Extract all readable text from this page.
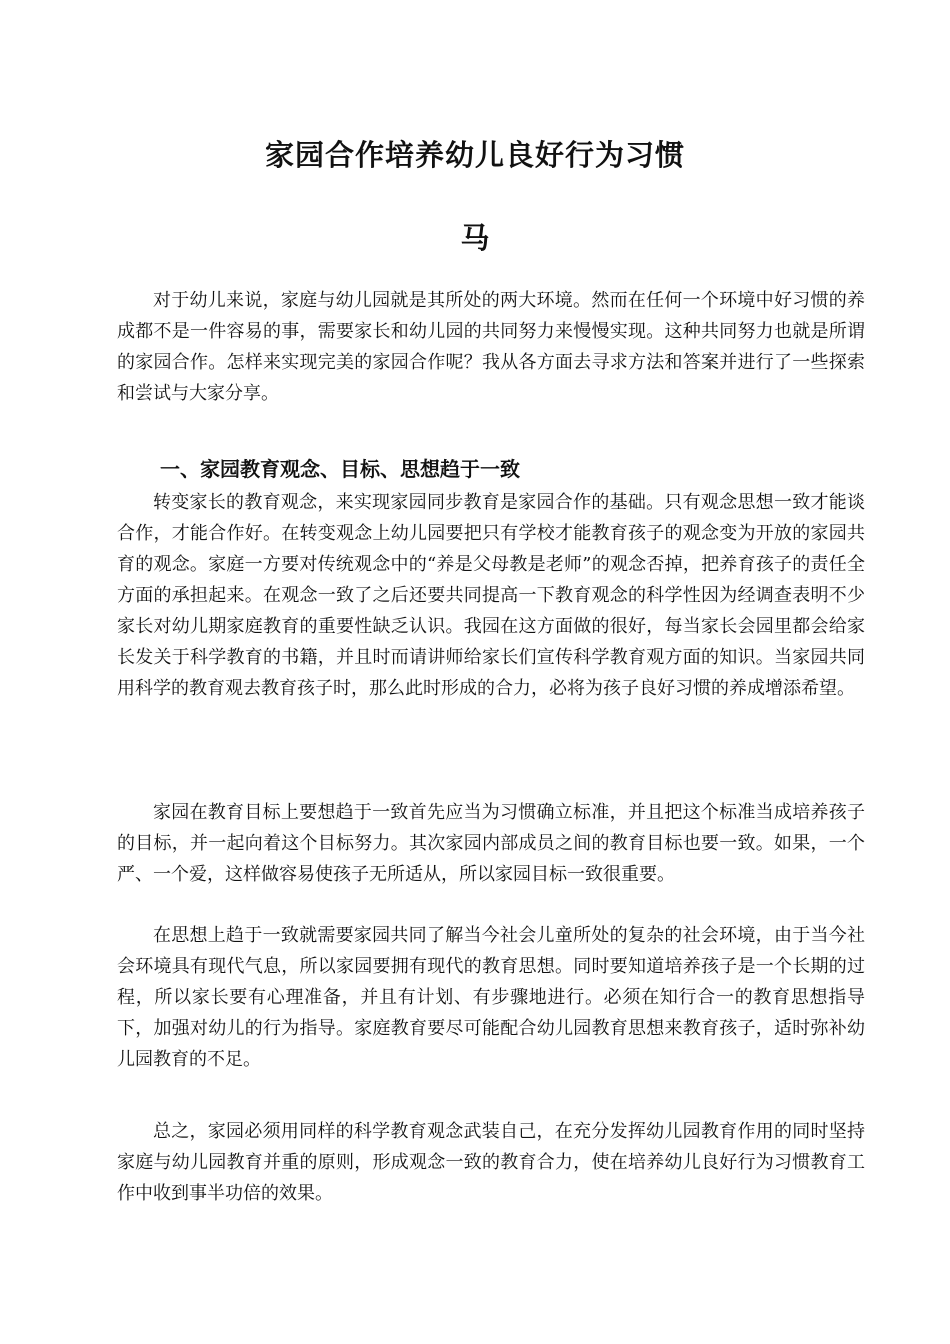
家园合作培养幼儿良好行为习惯
马

对于幼儿来说，家庭与幼儿园就是其所处的两大环境。然而在任何一个环境中好习惯的养成都不是一件容易的事，需要家长和幼儿园的共同努力来慢慢实现。这种共同努力也就是所谓的家园合作。怎样来实现完美的家园合作呢？我从各方面去寻求方法和答案并进行了一些探索和尝试与大家分享。

一、家园教育观念、目标、思想趋于一致

转变家长的教育观念，来实现家园同步教育是家园合作的基础。只有观念思想一致才能谈合作，才能合作好。在转变观念上幼儿园要把只有学校才能教育孩子的观念变为开放的家园共育的观念。家庭一方要对传统观念中的“养是父母教是老师”的观念否掉，把养育孩子的责任全方面的承担起来。在观念一致了之后还要共同提高一下教育观念的科学性因为经调查表明不少家长对幼儿期家庭教育的重要性缺乏认识。我园在这方面做的很好，每当家长会园里都会给家长发关于科学教育的书籍，并且时而请讲师给家长们宣传科学教育观方面的知识。当家园共同用科学的教育观去教育孩子时，那么此时形成的合力，必将为孩子良好习惯的养成增添希望。

家园在教育目标上要想趋于一致首先应当为习惯确立标准，并且把这个标准当成培养孩子的目标，并一起向着这个目标努力。其次家园内部成员之间的教育目标也要一致。如果，一个严、一个爱，这样做容易使孩子无所适从，所以家园目标一致很重要。

在思想上趋于一致就需要家园共同了解当今社会儿童所处的复杂的社会环境，由于当今社会环境具有现代气息，所以家园要拥有现代的教育思想。同时要知道培养孩子是一个长期的过程，所以家长要有心理准备，并且有计划、有步骤地进行。必须在知行合一的教育思想指导下，加强对幼儿的行为指导。家庭教育要尽可能配合幼儿园教育思想来教育孩子，适时弥补幼儿园教育的不足。

总之，家园必须用同样的科学教育观念武装自己，在充分发挥幼儿园教育作用的同时坚持家庭与幼儿园教育并重的原则，形成观念一致的教育合力，使在培养幼儿良好行为习惯教育工作中收到事半功倍的效果。
